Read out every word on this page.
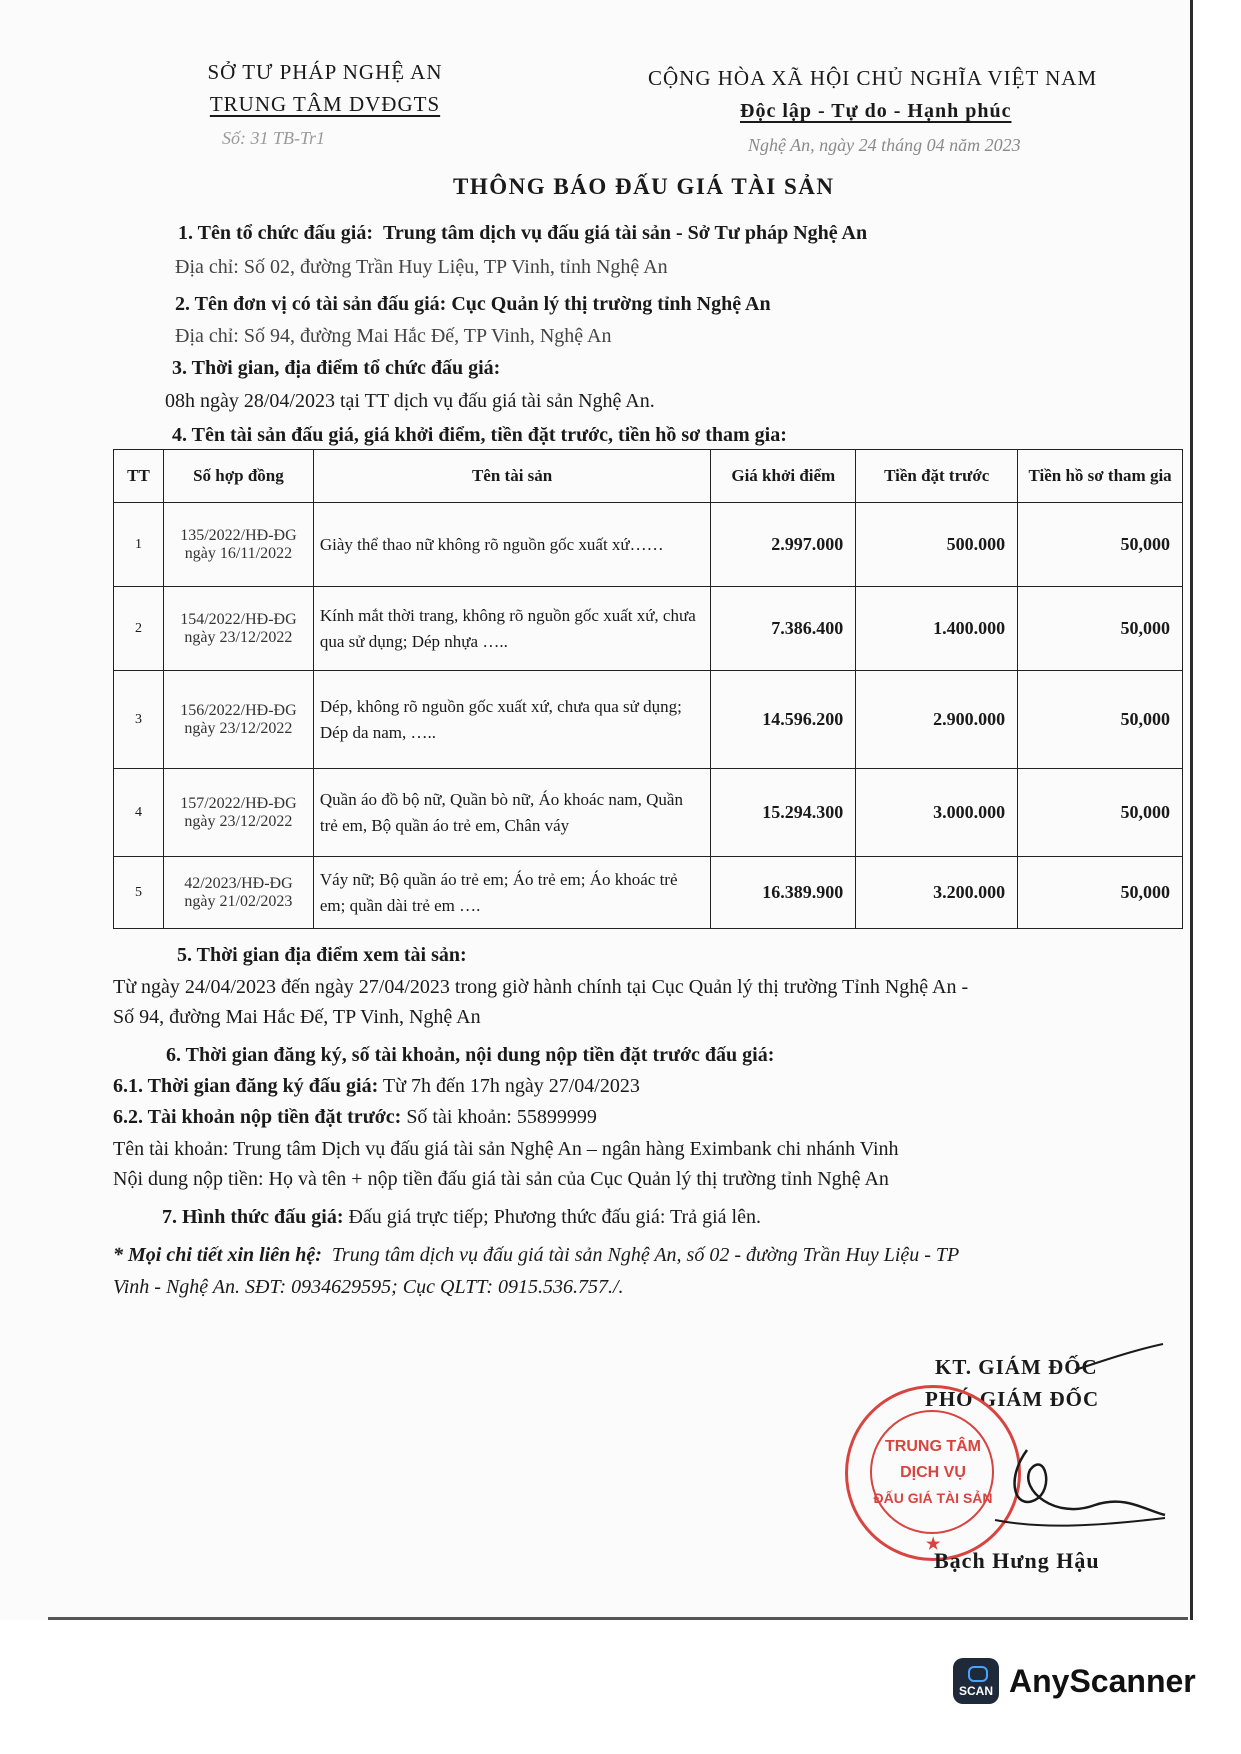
SỞ TƯ PHÁP NGHỆ AN
TRUNG TÂM DVĐGTS
Số: 31 TB-Tr1
CỘNG HÒA XÃ HỘI CHỦ NGHĨA VIỆT NAM
Độc lập - Tự do - Hạnh phúc
Nghệ An, ngày 24 tháng 04 năm 2023
THÔNG BÁO ĐẤU GIÁ TÀI SẢN
1. Tên tổ chức đấu giá: Trung tâm dịch vụ đấu giá tài sản - Sở Tư pháp Nghệ An
Địa chỉ: Số 02, đường Trần Huy Liệu, TP Vinh, tỉnh Nghệ An
2. Tên đơn vị có tài sản đấu giá: Cục Quản lý thị trường tỉnh Nghệ An
Địa chỉ: Số 94, đường Mai Hắc Đế, TP Vinh, Nghệ An
3. Thời gian, địa điểm tổ chức đấu giá:
08h ngày 28/04/2023 tại TT dịch vụ đấu giá tài sản Nghệ An.
4. Tên tài sản đấu giá, giá khởi điểm, tiền đặt trước, tiền hồ sơ tham gia:
TT	Số hợp đồng	Tên tài sản	Giá khởi điểm	Tiền đặt trước	Tiền hồ sơ tham gia
1	135/2022/HĐ-ĐG ngày 16/11/2022	Giày thể thao nữ không rõ nguồn gốc xuất xứ……	2.997.000	500.000	50,000
2	154/2022/HĐ-ĐG ngày 23/12/2022	Kính mắt thời trang, không rõ nguồn gốc xuất xứ, chưa qua sử dụng; Dép nhựa …..	7.386.400	1.400.000	50,000
3	156/2022/HĐ-ĐG ngày 23/12/2022	Dép, không rõ nguồn gốc xuất xứ, chưa qua sử dụng; Dép da nam, …..	14.596.200	2.900.000	50,000
4	157/2022/HĐ-ĐG ngày 23/12/2022	Quần áo đồ bộ nữ, Quần bò nữ, Áo khoác nam, Quần trẻ em, Bộ quần áo trẻ em, Chân váy	15.294.300	3.000.000	50,000
5	42/2023/HĐ-ĐG ngày 21/02/2023	Váy nữ; Bộ quần áo trẻ em; Áo trẻ em; Áo khoác trẻ em; quần dài trẻ em ….	16.389.900	3.200.000	50,000
5. Thời gian địa điểm xem tài sản:
Từ ngày 24/04/2023 đến ngày 27/04/2023 trong giờ hành chính tại Cục Quản lý thị trường Tỉnh Nghệ An -
Số 94, đường Mai Hắc Đế, TP Vinh, Nghệ An
6. Thời gian đăng ký, số tài khoản, nội dung nộp tiền đặt trước đấu giá:
6.1. Thời gian đăng ký đấu giá: Từ 7h đến 17h ngày 27/04/2023
6.2. Tài khoản nộp tiền đặt trước: Số tài khoản: 55899999
Tên tài khoản: Trung tâm Dịch vụ đấu giá tài sản Nghệ An – ngân hàng Eximbank chi nhánh Vinh
Nội dung nộp tiền: Họ và tên + nộp tiền đấu giá tài sản của Cục Quản lý thị trường tỉnh Nghệ An
7. Hình thức đấu giá: Đấu giá trực tiếp; Phương thức đấu giá: Trả giá lên.
* Mọi chi tiết xin liên hệ: Trung tâm dịch vụ đấu giá tài sản Nghệ An, số 02 - đường Trần Huy Liệu - TP
Vinh - Nghệ An. SĐT: 0934629595; Cục QLTT: 0915.536.757./.
KT. GIÁM ĐỐC
PHÓ GIÁM ĐỐC
TRUNG TÂM
DỊCH VỤ
ĐẤU GIÁ TÀI SẢN
★
Bạch Hưng Hậu
SCAN AnyScanner
